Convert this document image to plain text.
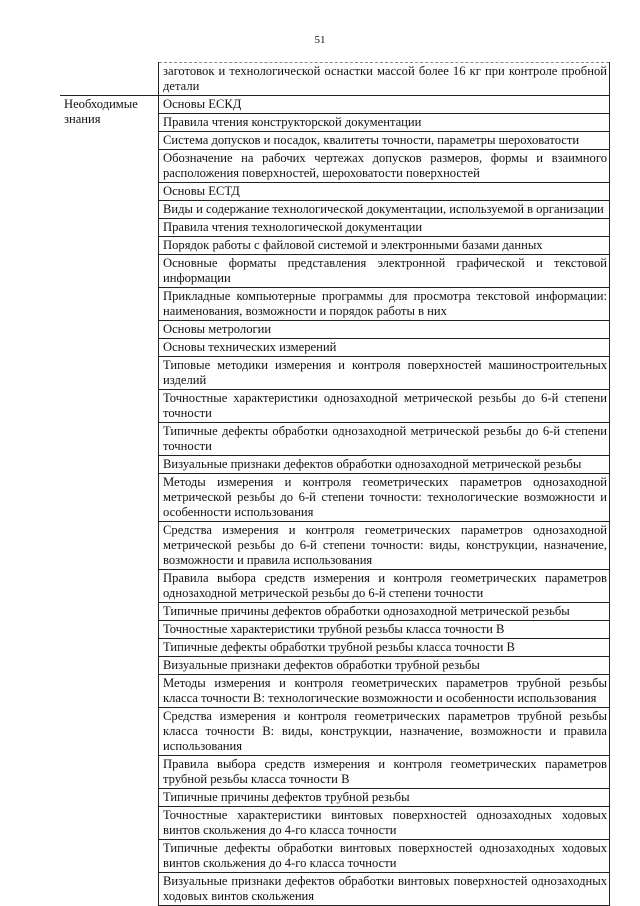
51
	заготовок и технологической оснастки массой более 16 кг при контроле пробной детали
Необходимые знания	Основы ЕСКД
	Правила чтения конструкторской документации
	Система допусков и посадок, квалитеты точности, параметры шероховатости
	Обозначение на рабочих чертежах допусков размеров, формы и взаимного расположения поверхностей, шероховатости поверхностей
	Основы ЕСТД
	Виды и содержание технологической документации, используемой в организации
	Правила чтения технологической документации
	Порядок работы с файловой системой и электронными базами данных
	Основные форматы представления электронной графической и текстовой информации
	Прикладные компьютерные программы для просмотра текстовой информации: наименования, возможности и порядок работы в них
	Основы метрологии
	Основы технических измерений
	Типовые методики измерения и контроля поверхностей машиностроительных изделий
	Точностные характеристики однозаходной метрической резьбы до 6-й степени точности
	Типичные дефекты обработки однозаходной метрической резьбы до 6-й степени точности
	Визуальные признаки дефектов обработки однозаходной метрической резьбы
	Методы измерения и контроля геометрических параметров однозаходной метрической резьбы до 6-й степени точности: технологические возможности и особенности использования
	Средства измерения и контроля геометрических параметров однозаходной метрической резьбы до 6-й степени точности: виды, конструкции, назначение, возможности и правила использования
	Правила выбора средств измерения и контроля геометрических параметров однозаходной метрической резьбы до 6-й степени точности
	Типичные причины дефектов обработки однозаходной метрической резьбы
	Точностные характеристики трубной резьбы класса точности B
	Типичные дефекты обработки трубной резьбы класса точности B
	Визуальные признаки дефектов обработки трубной резьбы
	Методы измерения и контроля геометрических параметров трубной резьбы класса точности B: технологические возможности и особенности использования
	Средства измерения и контроля геометрических параметров трубной резьбы класса точности B: виды, конструкции, назначение, возможности и правила использования
	Правила выбора средств измерения и контроля геометрических параметров трубной резьбы класса точности B
	Типичные причины дефектов трубной резьбы
	Точностные характеристики винтовых поверхностей однозаходных ходовых винтов скольжения до 4-го класса точности
	Типичные дефекты обработки винтовых поверхностей однозаходных ходовых винтов скольжения до 4-го класса точности
	Визуальные признаки дефектов обработки винтовых поверхностей однозаходных ходовых винтов скольжения
